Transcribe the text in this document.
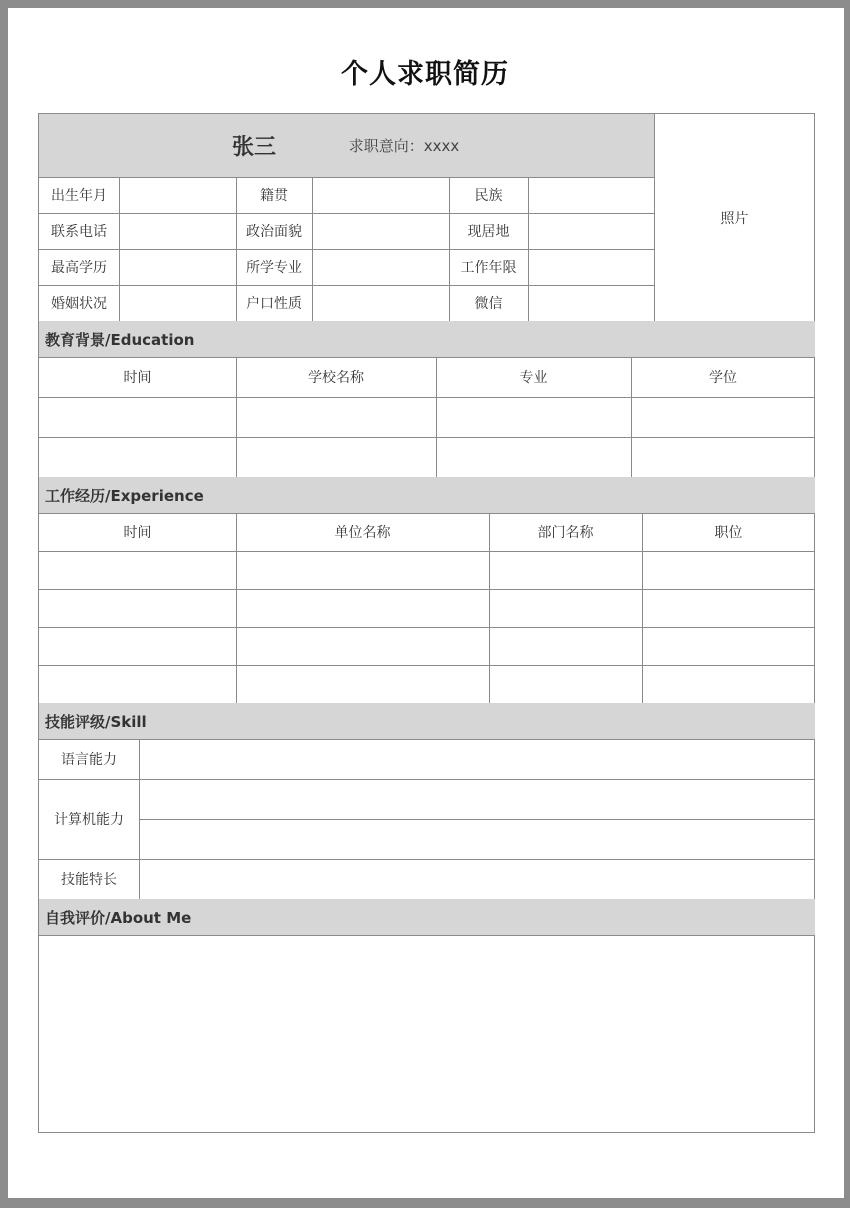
个人求职简历
张三	求职意向：xxxx
照片
出生年月	籍贯	民族
联系电话	政治面貌	现居地
最高学历	所学专业	工作年限
婚姻状况	户口性质	微信
教育背景/Education
时间	学校名称	专业	学位
工作经历/Experience
时间	单位名称	部门名称	职位
技能评级/Skill
语言能力
计算机能力
技能特长
自我评价/About Me
